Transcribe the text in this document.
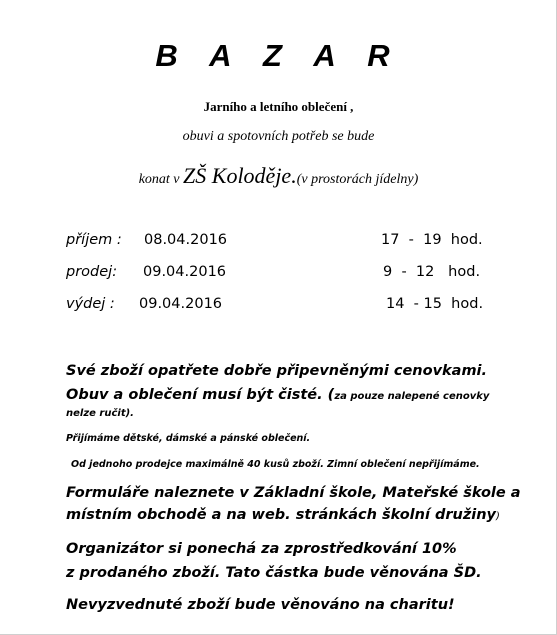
B A Z A R
Jarního a letního oblečení ,
obuvi a spotovních potřeb se bude
konat v ZŠ Koloděje.(v prostorách jídelny)
příjem : 08.04.2016	17  -  19  hod.
prodej: 09.04.2016	9  -  12   hod.
výdej : 09.04.2016	14  - 15  hod.
Své zboží opatřete dobře připevněnými cenovkami.
Obuv a oblečení musí být čisté. (za pouze nalepené cenovky
nelze ručit).
Přijímáme dětské, dámské a pánské oblečení.
Od jednoho prodejce maximálně 40 kusů zboží. Zimní oblečení nepřijímáme.
Formuláře naleznete v Základní škole, Mateřské škole a
místním obchodě a na web. stránkách školní družiny)
Organizátor si ponechá za zprostředkování 10%
z prodaného zboží. Tato částka bude věnována ŠD.
Nevyzvednuté zboží bude věnováno na charitu!
